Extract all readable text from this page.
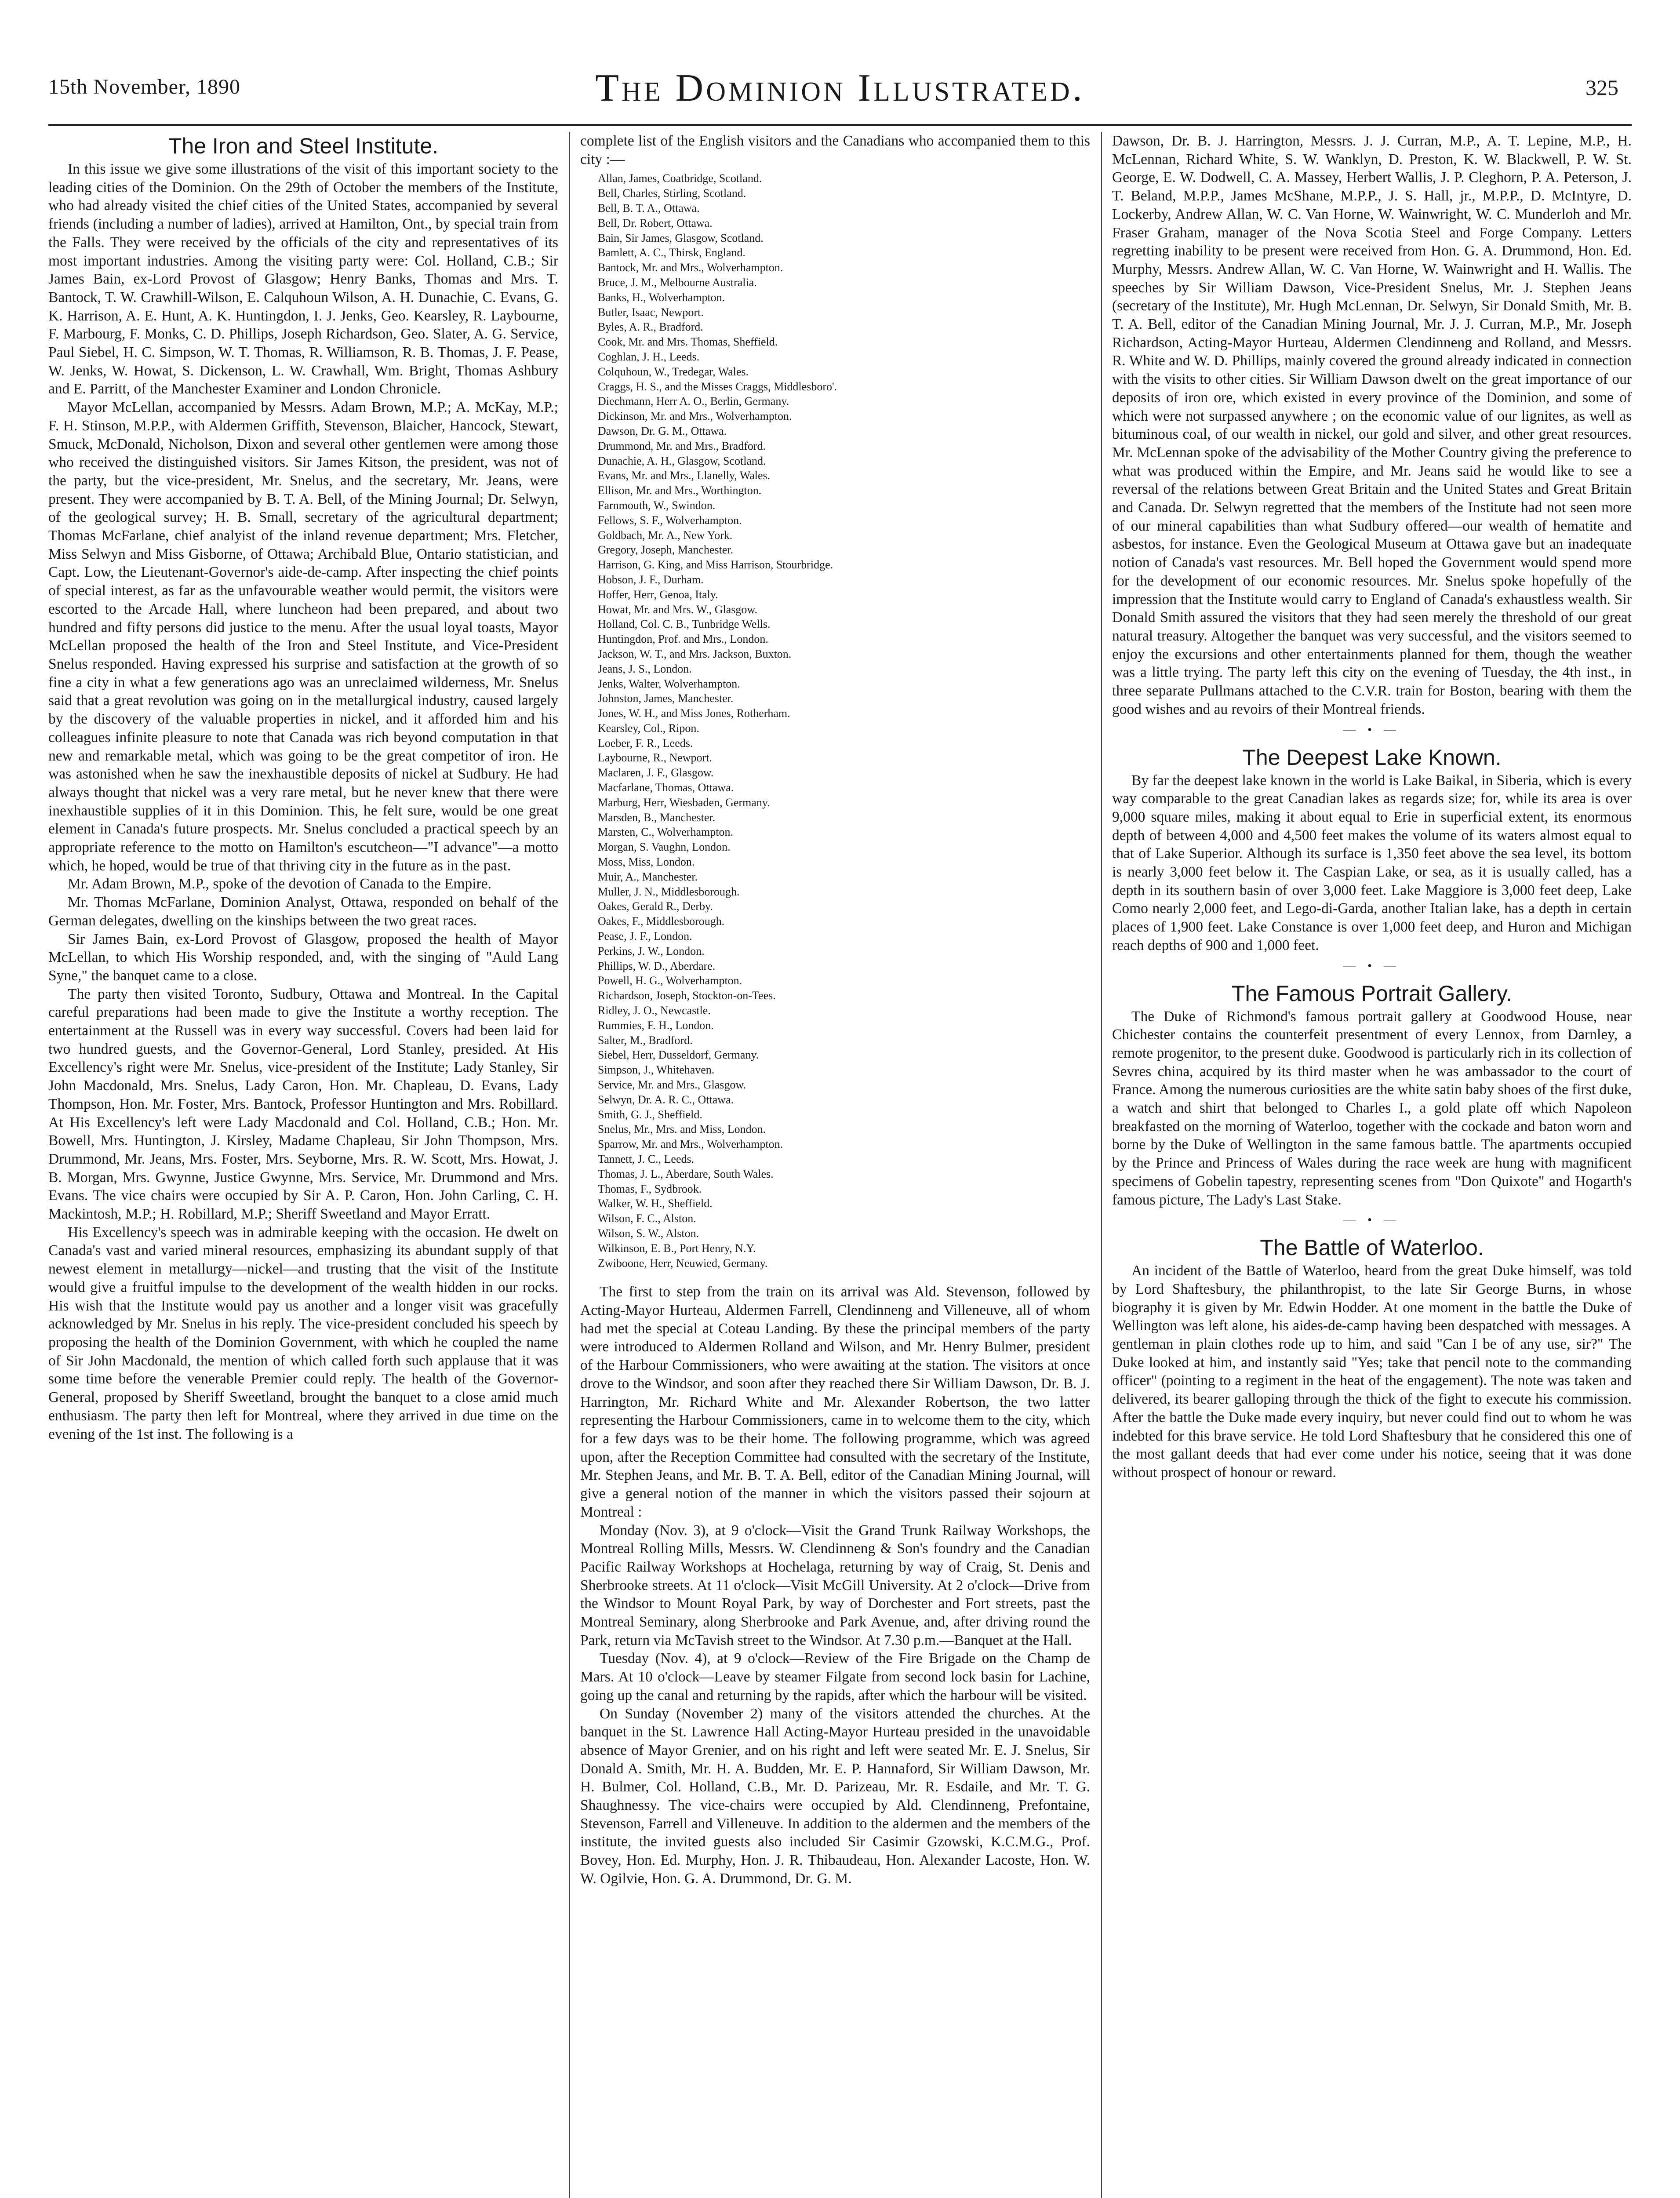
15th November, 1890	The Dominion Illustrated.	325
The Iron and Steel Institute.

In this issue we give some illustrations of the visit of this important society to the leading cities of the Dominion. On the 29th of October the members of the Institute, who had already visited the chief cities of the United States, accompanied by several friends (including a number of ladies), arrived at Hamilton, Ont., by special train from the Falls. They were received by the officials of the city and representatives of its most important industries. Among the visiting party were: Col. Holland, C.B.; Sir James Bain, ex-Lord Provost of Glasgow; Henry Banks, Thomas and Mrs. T. Bantock, T. W. Crawhill-Wilson, E. Calquhoun Wilson, A. H. Dunachie, C. Evans, G. K. Harrison, A. E. Hunt, A. K. Huntingdon, I. J. Jenks, Geo. Kearsley, R. Laybourne, F. Marbourg, F. Monks, C. D. Phillips, Joseph Richardson, Geo. Slater, A. G. Service, Paul Siebel, H. C. Simpson, W. T. Thomas, R. Williamson, R. B. Thomas, J. F. Pease, W. Jenks, W. Howat, S. Dickenson, L. W. Crawhall, Wm. Bright, Thomas Ashbury and E. Parritt, of the Manchester Examiner and London Chronicle.

Mayor McLellan, accompanied by Messrs. Adam Brown, M.P.; A. McKay, M.P.; F. H. Stinson, M.P.P., with Aldermen Griffith, Stevenson, Blaicher, Hancock, Stewart, Smuck, McDonald, Nicholson, Dixon and several other gentlemen were among those who received the distinguished visitors. Sir James Kitson, the president, was not of the party, but the vice-president, Mr. Snelus, and the secretary, Mr. Jeans, were present. They were accompanied by B. T. A. Bell, of the Mining Journal; Dr. Selwyn, of the geological survey; H. B. Small, secretary of the agricultural department; Thomas McFarlane, chief analyist of the inland revenue department; Mrs. Fletcher, Miss Selwyn and Miss Gisborne, of Ottawa; Archibald Blue, Ontario statistician, and Capt. Low, the Lieutenant-Governor's aide-de-camp. After inspecting the chief points of special interest, as far as the unfavourable weather would permit, the visitors were escorted to the Arcade Hall, where luncheon had been prepared, and about two hundred and fifty persons did justice to the menu. After the usual loyal toasts, Mayor McLellan proposed the health of the Iron and Steel Institute, and Vice-President Snelus responded. Having expressed his surprise and satisfaction at the growth of so fine a city in what a few generations ago was an unreclaimed wilderness, Mr. Snelus said that a great revolution was going on in the metallurgical industry, caused largely by the discovery of the valuable properties in nickel, and it afforded him and his colleagues infinite pleasure to note that Canada was rich beyond computation in that new and remarkable metal, which was going to be the great competitor of iron. He was astonished when he saw the inexhaustible deposits of nickel at Sudbury. He had always thought that nickel was a very rare metal, but he never knew that there were inexhaustible supplies of it in this Dominion. This, he felt sure, would be one great element in Canada's future prospects. Mr. Snelus concluded a practical speech by an appropriate reference to the motto on Hamilton's escutcheon—"I advance"—a motto which, he hoped, would be true of that thriving city in the future as in the past.

Mr. Adam Brown, M.P., spoke of the devotion of Canada to the Empire.

Mr. Thomas McFarlane, Dominion Analyst, Ottawa, responded on behalf of the German delegates, dwelling on the kinships between the two great races.

Sir James Bain, ex-Lord Provost of Glasgow, proposed the health of Mayor McLellan, to which His Worship responded, and, with the singing of "Auld Lang Syne," the banquet came to a close.

The party then visited Toronto, Sudbury, Ottawa and Montreal. In the Capital careful preparations had been made to give the Institute a worthy reception. The entertainment at the Russell was in every way successful. Covers had been laid for two hundred guests, and the Governor-General, Lord Stanley, presided. At His Excellency's right were Mr. Snelus, vice-president of the Institute; Lady Stanley, Sir John Macdonald, Mrs. Snelus, Lady Caron, Hon. Mr. Chapleau, D. Evans, Lady Thompson, Hon. Mr. Foster, Mrs. Bantock, Professor Huntington and Mrs. Robillard. At His Excellency's left were Lady Macdonald and Col. Holland, C.B.; Hon. Mr. Bowell, Mrs. Huntington, J. Kirsley, Madame Chapleau, Sir John Thompson, Mrs. Drummond, Mr. Jeans, Mrs. Foster, Mrs. Seyborne, Mrs. R. W. Scott, Mrs. Howat, J. B. Morgan, Mrs. Gwynne, Justice Gwynne, Mrs. Service, Mr. Drummond and Mrs. Evans. The vice chairs were occupied by Sir A. P. Caron, Hon. John Carling, C. H. Mackintosh, M.P.; H. Robillard, M.P.; Sheriff Sweetland and Mayor Erratt.

His Excellency's speech was in admirable keeping with the occasion. He dwelt on Canada's vast and varied mineral resources, emphasizing its abundant supply of that newest element in metallurgy—nickel—and trusting that the visit of the Institute would give a fruitful impulse to the development of the wealth hidden in our rocks. His wish that the Institute would pay us another and a longer visit was gracefully acknowledged by Mr. Snelus in his reply. The vice-president concluded his speech by proposing the health of the Dominion Government, with which he coupled the name of Sir John Macdonald, the mention of which called forth such applause that it was some time before the venerable Premier could reply. The health of the Governor-General, proposed by Sheriff Sweetland, brought the banquet to a close amid much enthusiasm. The party then left for Montreal, where they arrived in due time on the evening of the 1st inst. The following is a

complete list of the English visitors and the Canadians who accompanied them to this city :—

Allan, James, Coatbridge, Scotland.
Bell, Charles, Stirling, Scotland.
Bell, B. T. A., Ottawa.
Bell, Dr. Robert, Ottawa.
Bain, Sir James, Glasgow, Scotland.
Bamlett, A. C., Thirsk, England.
Bantock, Mr. and Mrs., Wolverhampton.
Bruce, J. M., Melbourne Australia.
Banks, H., Wolverhampton.
Butler, Isaac, Newport.
Byles, A. R., Bradford.
Cook, Mr. and Mrs. Thomas, Sheffield.
Coghlan, J. H., Leeds.
Colquhoun, W., Tredegar, Wales.
Craggs, H. S., and the Misses Craggs, Middlesboro'.
Diechmann, Herr A. O., Berlin, Germany.
Dickinson, Mr. and Mrs., Wolverhampton.
Dawson, Dr. G. M., Ottawa.
Drummond, Mr. and Mrs., Bradford.
Dunachie, A. H., Glasgow, Scotland.
Evans, Mr. and Mrs., Llanelly, Wales.
Ellison, Mr. and Mrs., Worthington.
Farnmouth, W., Swindon.
Fellows, S. F., Wolverhampton.
Goldbach, Mr. A., New York.
Gregory, Joseph, Manchester.
Harrison, G. King, and Miss Harrison, Stourbridge.
Hobson, J. F., Durham.
Hoffer, Herr, Genoa, Italy.
Howat, Mr. and Mrs. W., Glasgow.
Holland, Col. C. B., Tunbridge Wells.
Huntingdon, Prof. and Mrs., London.
Jackson, W. T., and Mrs. Jackson, Buxton.
Jeans, J. S., London.
Jenks, Walter, Wolverhampton.
Johnston, James, Manchester.
Jones, W. H., and Miss Jones, Rotherham.
Kearsley, Col., Ripon.
Loeber, F. R., Leeds.
Laybourne, R., Newport.
Maclaren, J. F., Glasgow.
Macfarlane, Thomas, Ottawa.
Marburg, Herr, Wiesbaden, Germany.
Marsden, B., Manchester.
Marsten, C., Wolverhampton.
Morgan, S. Vaughn, London.
Moss, Miss, London.
Muir, A., Manchester.
Muller, J. N., Middlesborough.
Oakes, Gerald R., Derby.
Oakes, F., Middlesborough.
Pease, J. F., London.
Perkins, J. W., London.
Phillips, W. D., Aberdare.
Powell, H. G., Wolverhampton.
Richardson, Joseph, Stockton-on-Tees.
Ridley, J. O., Newcastle.
Rummies, F. H., London.
Salter, M., Bradford.
Siebel, Herr, Dusseldorf, Germany.
Simpson, J., Whitehaven.
Service, Mr. and Mrs., Glasgow.
Selwyn, Dr. A. R. C., Ottawa.
Smith, G. J., Sheffield.
Snelus, Mr., Mrs. and Miss, London.
Sparrow, Mr. and Mrs., Wolverhampton.
Tannett, J. C., Leeds.
Thomas, J. L., Aberdare, South Wales.
Thomas, F., Sydbrook.
Walker, W. H., Sheffield.
Wilson, F. C., Alston.
Wilson, S. W., Alston.
Wilkinson, E. B., Port Henry, N.Y.
Zwiboone, Herr, Neuwied, Germany.

The first to step from the train on its arrival was Ald. Stevenson, followed by Acting-Mayor Hurteau, Aldermen Farrell, Clendinneng and Villeneuve, all of whom had met the special at Coteau Landing. By these the principal members of the party were introduced to Aldermen Rolland and Wilson, and Mr. Henry Bulmer, president of the Harbour Commissioners, who were awaiting at the station. The visitors at once drove to the Windsor, and soon after they reached there Sir William Dawson, Dr. B. J. Harrington, Mr. Richard White and Mr. Alexander Robertson, the two latter representing the Harbour Commissioners, came in to welcome them to the city, which for a few days was to be their home. The following programme, which was agreed upon, after the Reception Committee had consulted with the secretary of the Institute, Mr. Stephen Jeans, and Mr. B. T. A. Bell, editor of the Canadian Mining Journal, will give a general notion of the manner in which the visitors passed their sojourn at Montreal :

Monday (Nov. 3), at 9 o'clock—Visit the Grand Trunk Railway Workshops, the Montreal Rolling Mills, Messrs. W. Clendinneng & Son's foundry and the Canadian Pacific Railway Workshops at Hochelaga, returning by way of Craig, St. Denis and Sherbrooke streets. At 11 o'clock—Visit McGill University. At 2 o'clock—Drive from the Windsor to Mount Royal Park, by way of Dorchester and Fort streets, past the Montreal Seminary, along Sherbrooke and Park Avenue, and, after driving round the Park, return via McTavish street to the Windsor. At 7.30 p.m.—Banquet at the Hall.

Tuesday (Nov. 4), at 9 o'clock—Review of the Fire Brigade on the Champ de Mars. At 10 o'clock—Leave by steamer Filgate from second lock basin for Lachine, going up the canal and returning by the rapids, after which the harbour will be visited.

On Sunday (November 2) many of the visitors attended the churches. At the banquet in the St. Lawrence Hall Acting-Mayor Hurteau presided in the unavoidable absence of Mayor Grenier, and on his right and left were seated Mr. E. J. Snelus, Sir Donald A. Smith, Mr. H. A. Budden, Mr. E. P. Hannaford, Sir William Dawson, Mr. H. Bulmer, Col. Holland, C.B., Mr. D. Parizeau, Mr. R. Esdaile, and Mr. T. G. Shaughnessy. The vice-chairs were occupied by Ald. Clendinneng, Prefontaine, Stevenson, Farrell and Villeneuve. In addition to the aldermen and the members of the institute, the invited guests also included Sir Casimir Gzowski, K.C.M.G., Prof. Bovey, Hon. Ed. Murphy, Hon. J. R. Thibaudeau, Hon. Alexander Lacoste, Hon. W. W. Ogilvie, Hon. G. A. Drummond, Dr. G. M.

Dawson, Dr. B. J. Harrington, Messrs. J. J. Curran, M.P., A. T. Lepine, M.P., H. McLennan, Richard White, S. W. Wanklyn, D. Preston, K. W. Blackwell, P. W. St. George, E. W. Dodwell, C. A. Massey, Herbert Wallis, J. P. Cleghorn, P. A. Peterson, J. T. Beland, M.P.P., James McShane, M.P.P., J. S. Hall, jr., M.P.P., D. McIntyre, D. Lockerby, Andrew Allan, W. C. Van Horne, W. Wainwright, W. C. Munderloh and Mr. Fraser Graham, manager of the Nova Scotia Steel and Forge Company. Letters regretting inability to be present were received from Hon. G. A. Drummond, Hon. Ed. Murphy, Messrs. Andrew Allan, W. C. Van Horne, W. Wainwright and H. Wallis. The speeches by Sir William Dawson, Vice-President Snelus, Mr. J. Stephen Jeans (secretary of the Institute), Mr. Hugh McLennan, Dr. Selwyn, Sir Donald Smith, Mr. B. T. A. Bell, editor of the Canadian Mining Journal, Mr. J. J. Curran, M.P., Mr. Joseph Richardson, Acting-Mayor Hurteau, Aldermen Clendinneng and Rolland, and Messrs. R. White and W. D. Phillips, mainly covered the ground already indicated in connection with the visits to other cities. Sir William Dawson dwelt on the great importance of our deposits of iron ore, which existed in every province of the Dominion, and some of which were not surpassed anywhere ; on the economic value of our lignites, as well as bituminous coal, of our wealth in nickel, our gold and silver, and other great resources. Mr. McLennan spoke of the advisability of the Mother Country giving the preference to what was produced within the Empire, and Mr. Jeans said he would like to see a reversal of the relations between Great Britain and the United States and Great Britain and Canada. Dr. Selwyn regretted that the members of the Institute had not seen more of our mineral capabilities than what Sudbury offered—our wealth of hematite and asbestos, for instance. Even the Geological Museum at Ottawa gave but an inadequate notion of Canada's vast resources. Mr. Bell hoped the Government would spend more for the development of our economic resources. Mr. Snelus spoke hopefully of the impression that the Institute would carry to England of Canada's exhaustless wealth. Sir Donald Smith assured the visitors that they had seen merely the threshold of our great natural treasury. Altogether the banquet was very successful, and the visitors seemed to enjoy the excursions and other entertainments planned for them, though the weather was a little trying. The party left this city on the evening of Tuesday, the 4th inst., in three separate Pullmans attached to the C.V.R. train for Boston, bearing with them the good wishes and au revoirs of their Montreal friends.

— • —
The Deepest Lake Known.

By far the deepest lake known in the world is Lake Baikal, in Siberia, which is every way comparable to the great Canadian lakes as regards size; for, while its area is over 9,000 square miles, making it about equal to Erie in superficial extent, its enormous depth of between 4,000 and 4,500 feet makes the volume of its waters almost equal to that of Lake Superior. Although its surface is 1,350 feet above the sea level, its bottom is nearly 3,000 feet below it. The Caspian Lake, or sea, as it is usually called, has a depth in its southern basin of over 3,000 feet. Lake Maggiore is 3,000 feet deep, Lake Como nearly 2,000 feet, and Lego-di-Garda, another Italian lake, has a depth in certain places of 1,900 feet. Lake Constance is over 1,000 feet deep, and Huron and Michigan reach depths of 900 and 1,000 feet.

— • —
The Famous Portrait Gallery.

The Duke of Richmond's famous portrait gallery at Goodwood House, near Chichester contains the counterfeit presentment of every Lennox, from Darnley, a remote progenitor, to the present duke. Goodwood is particularly rich in its collection of Sevres china, acquired by its third master when he was ambassador to the court of France. Among the numerous curiosities are the white satin baby shoes of the first duke, a watch and shirt that belonged to Charles I., a gold plate off which Napoleon breakfasted on the morning of Waterloo, together with the cockade and baton worn and borne by the Duke of Wellington in the same famous battle. The apartments occupied by the Prince and Princess of Wales during the race week are hung with magnificent specimens of Gobelin tapestry, representing scenes from "Don Quixote" and Hogarth's famous picture, The Lady's Last Stake.

— • —
The Battle of Waterloo.

An incident of the Battle of Waterloo, heard from the great Duke himself, was told by Lord Shaftesbury, the philanthropist, to the late Sir George Burns, in whose biography it is given by Mr. Edwin Hodder. At one moment in the battle the Duke of Wellington was left alone, his aides-de-camp having been despatched with messages. A gentleman in plain clothes rode up to him, and said "Can I be of any use, sir?" The Duke looked at him, and instantly said "Yes; take that pencil note to the commanding officer" (pointing to a regiment in the heat of the engagement). The note was taken and delivered, its bearer galloping through the thick of the fight to execute his commission. After the battle the Duke made every inquiry, but never could find out to whom he was indebted for this brave service. He told Lord Shaftesbury that he considered this one of the most gallant deeds that had ever come under his notice, seeing that it was done without prospect of honour or reward.
